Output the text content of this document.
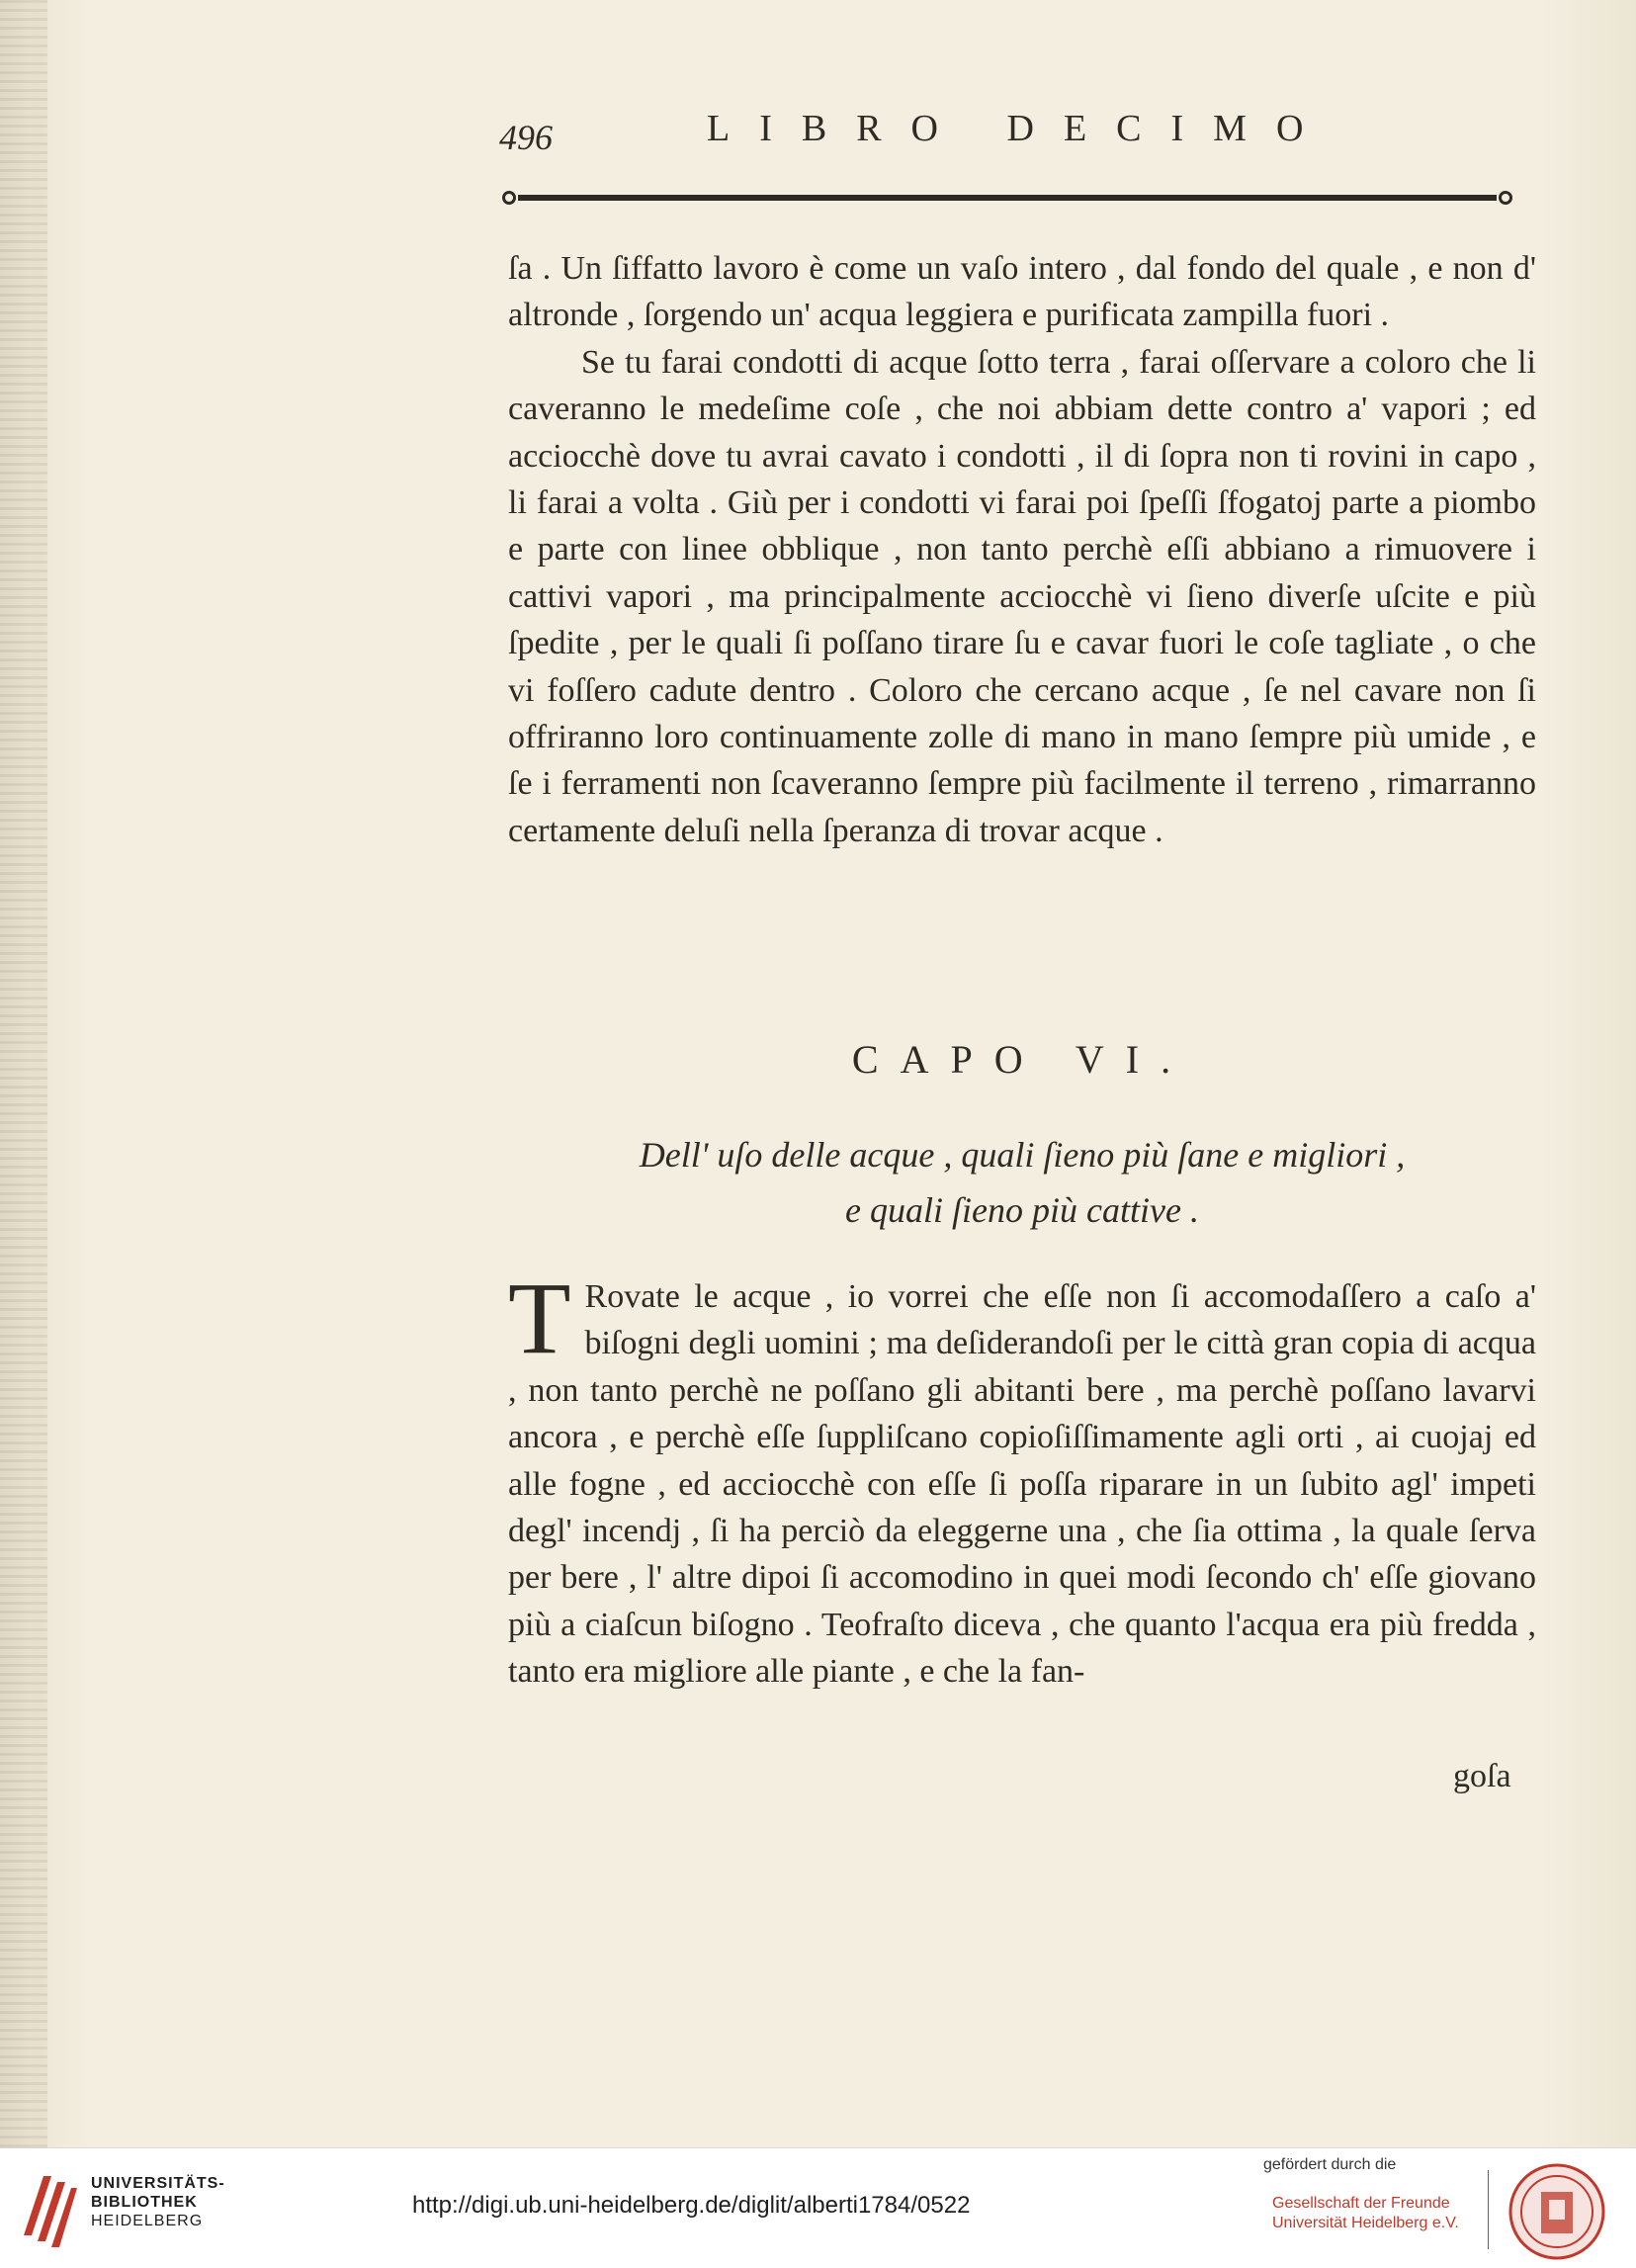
496	LIBRO DECIMO

ſa . Un ſiffatto lavoro è come un vaſo intero , dal fondo del quale , e non d' altronde , ſorgendo un' acqua leggiera e purificata zampilla fuori .

Se tu farai condotti di acque ſotto terra , farai oſſervare a coloro che li caveranno le medeſime coſe , che noi abbiam dette contro a' vapori ; ed acciocchè dove tu avrai cavato i condotti , il di ſopra non ti rovini in capo , li farai a volta . Giù per i condotti vi farai poi ſpeſſi ſfogatoj parte a piombo e parte con linee obblique , non tanto perchè eſſi abbiano a rimuovere i cattivi vapori , ma principalmente acciocchè vi ſieno diverſe uſcite e più ſpedite , per le quali ſi poſſano tirare ſu e cavar fuori le coſe tagliate , o che vi foſſero cadute dentro . Coloro che cercano acque , ſe nel cavare non ſi offriranno loro continuamente zolle di mano in mano ſempre più umide , e ſe i ferramenti non ſcaveranno ſempre più facilmente il terreno , rimarranno certamente deluſi nella ſperanza di trovar acque .

CAPO VI.
Dell' uſo delle acque , quali ſieno più ſane e migliori ,
e quali ſieno più cattive .
T Rovate le acque , io vorrei che eſſe non ſi accomodaſſero a caſo a' biſogni degli uomini ; ma deſiderandoſi per le città gran copia di acqua , non tanto perchè ne poſſano gli abitanti bere , ma perchè poſſano lavarvi ancora , e perchè eſſe ſuppliſcano copioſiſſimamente agli orti , ai cuojaj ed alle fogne , ed acciocchè con eſſe ſi poſſa riparare in un ſubito agl' impeti degl' incendj , ſi ha perciò da eleggerne una , che ſia ottima , la quale ſerva per bere , l' altre dipoi ſi accomodino in quei modi ſecondo ch' eſſe giovano più a ciaſcun biſogno . Teofraſto diceva , che quanto l'acqua era più fredda , tanto era migliore alle piante , e che la fan-

goſa
UNIVERSITÄTS-
BIBLIOTHEK
HEIDELBERG
http://digi.ub.uni-heidelberg.de/diglit/alberti1784/0522
gefördert durch die
Gesellschaft der Freunde
Universität Heidelberg e.V.
